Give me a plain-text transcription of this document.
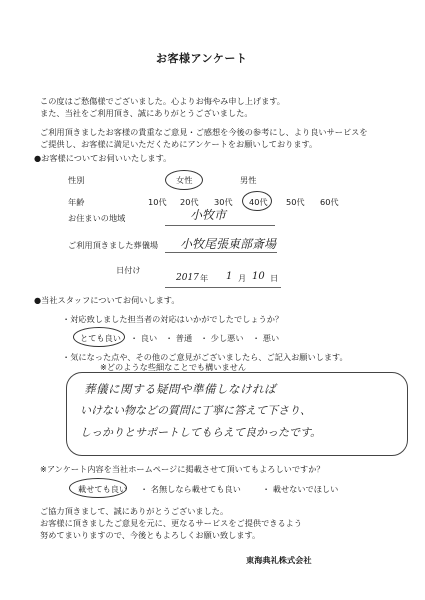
お客様アンケート
この度はご愁傷様でございました。心よりお悔やみ申し上げます。
また、当社をご利用頂き、誠にありがとうございました。
ご利用頂きましたお客様の貴重なご意見・ご感想を今後の参考にし、より良いサービスを
ご提供し、お客様に満足いただくためにアンケートをお願いしております。
●お客様についてお伺いいたします。
性別	女性	男性
年齢	10代 20代 30代 40代 50代 60代
お住まいの地域	小牧市
ご利用頂きました葬儀場 小牧尾張東部斎場
日付け
2017 年 1 月 10 日
●当社スタッフについてお伺いします。
・対応致しました担当者の対応はいかがでしたでしょうか？
とても良い ・ 良い ・ 普通 ・ 少し悪い ・ 悪い
・気になった点や、その他のご意見がございましたら、ご記入お願いします。
※どのような些細なことでも構いません
葬儀に関する疑問や準備しなければ
いけない物などの質問に丁寧に答えて下さり、
しっかりとサポートしてもらえて良かったです。
※アンケート内容を当社ホームページに掲載させて頂いてもよろしいですか？
載せても良い ・ 名無しなら載せても良い	・ 載せないでほしい
ご協力頂きまして、誠にありがとうございました。
お客様に頂きましたご意見を元に、更なるサービスをご提供できるよう
努めてまいりますので、今後ともよろしくお願い致します。
東海典礼株式会社
